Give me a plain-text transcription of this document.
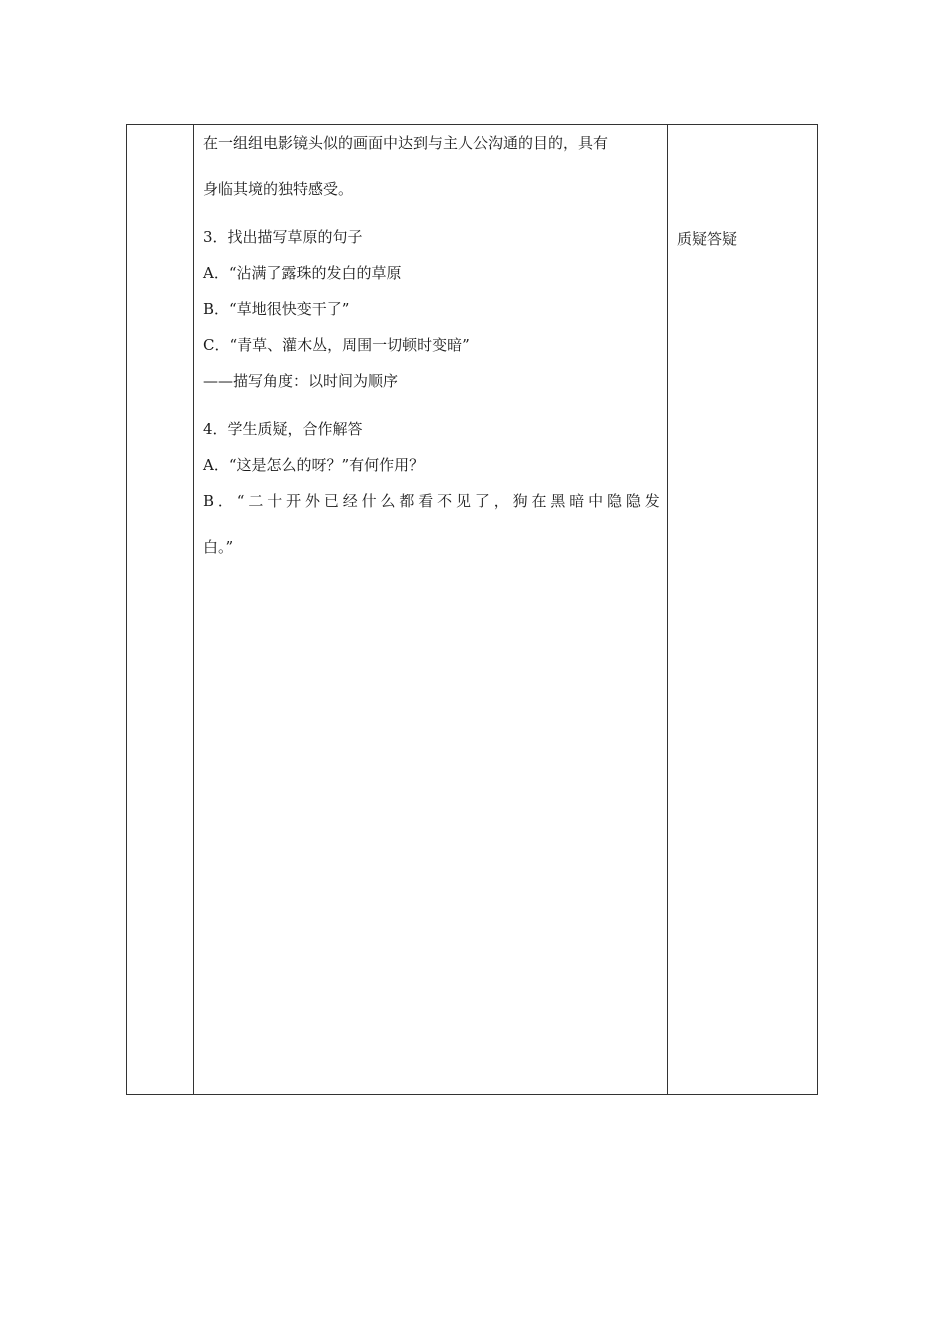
在一组组电影镜头似的画面中达到与主人公沟通的目的，具有
身临其境的独特感受。
3．找出描写草原的句子
A．“沾满了露珠的发白的草原
B．“草地很快变干了”
C．“青草、灌木丛，周围一切顿时变暗”
——描写角度：以时间为顺序
4．学生质疑，合作解答
A．“这是怎么的呀？”有何作用？
B．“二十开外已经什么都看不见了，狗在黑暗中隐隐发
白。”

质疑答疑
